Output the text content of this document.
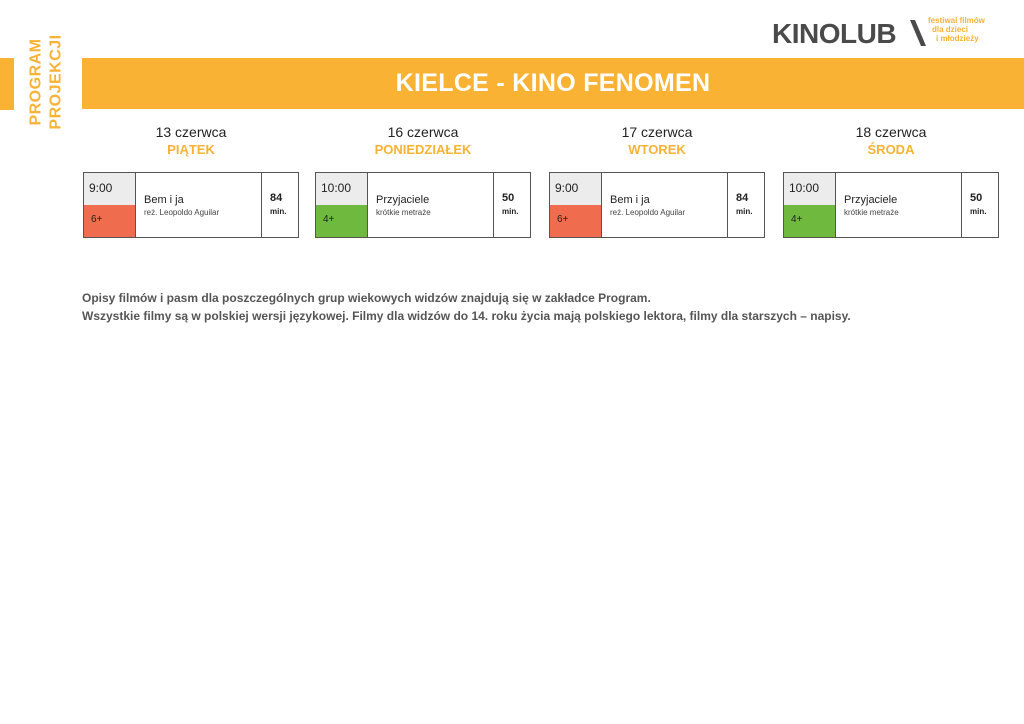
PROGRAM PROJEKCJI
KINOLUB	festiwal filmów
dla dzieci
i młodzieży
KIELCE - KINO FENOMEN
13 czerwca
PIĄTEK
9:00
6+
Bem i ja
reż. Leopoldo Aguilar
84
min.
16 czerwca
PONIEDZIAŁEK
10:00
4+
Przyjaciele
krótkie metraże
50
min.
17 czerwca
WTOREK
9:00
6+
Bem i ja
reż. Leopoldo Aguilar
84
min.
18 czerwca
ŚRODA
10:00
4+
Przyjaciele
krótkie metraże
50
min.

Opisy filmów i pasm dla poszczególnych grup wiekowych widzów znajdują się w zakładce Program.

Wszystkie filmy są w polskiej wersji językowej. Filmy dla widzów do 14. roku życia mają polskiego lektora, filmy dla starszych – napisy.
